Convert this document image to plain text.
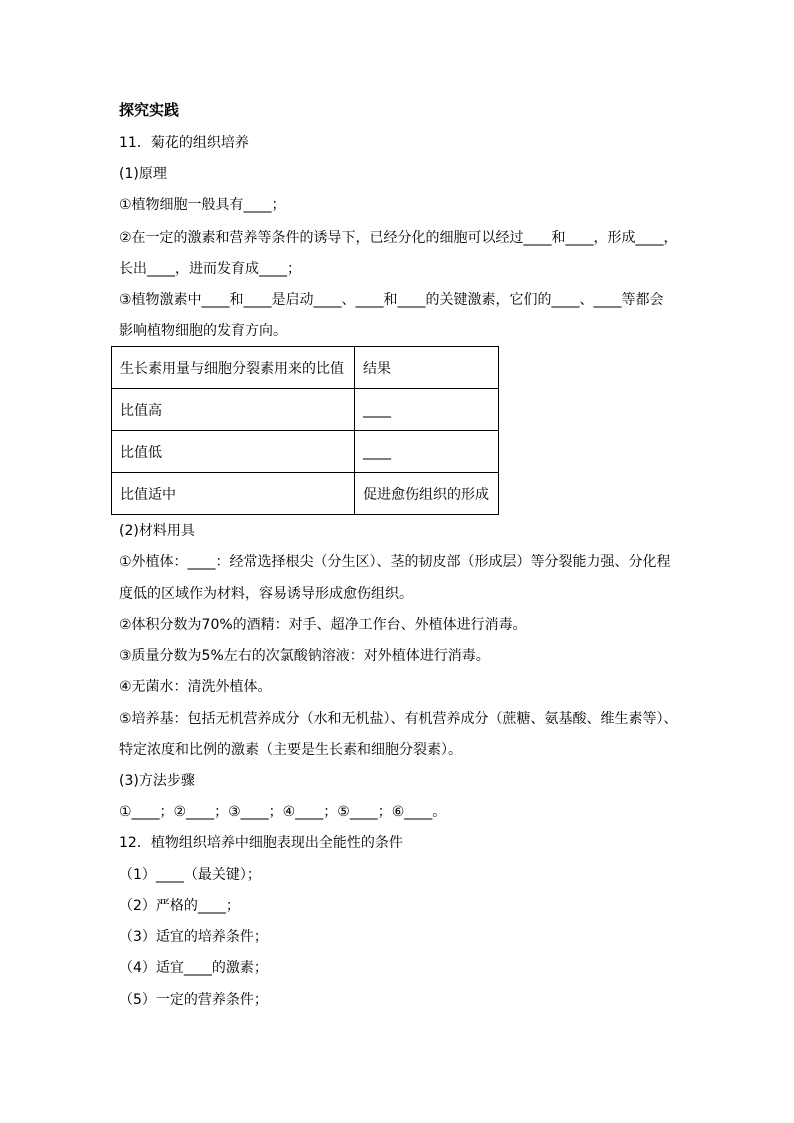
探究实践
11．菊花的组织培养
(1)原理
①植物细胞一般具有____；
②在一定的激素和营养等条件的诱导下，已经分化的细胞可以经过____和____，形成____，
长出____，进而发育成____；
③植物激素中____和____是启动____、____和____的关键激素，它们的____、____等都会
影响植物细胞的发育方向。
生长素用量与细胞分裂素用来的比值	结果
比值高	____
比值低	____
比值适中	促进愈伤组织的形成
(2)材料用具
①外植体：____：经常选择根尖（分生区）、茎的韧皮部（形成层）等分裂能力强、分化程
度低的区域作为材料，容易诱导形成愈伤组织。
②体积分数为70%的酒精：对手、超净工作台、外植体进行消毒。
③质量分数为5%左右的次氯酸钠溶液：对外植体进行消毒。
④无菌水：清洗外植体。
⑤培养基：包括无机营养成分（水和无机盐）、有机营养成分（蔗糖、氨基酸、维生素等）、
特定浓度和比例的激素（主要是生长素和细胞分裂素）。
(3)方法步骤
①____；②____；③____；④____；⑤____；⑥____。
12．植物组织培养中细胞表现出全能性的条件
（1）____（最关键）；
（2）严格的____；
（3）适宜的培养条件；
（4）适宜____的激素；
（5）一定的营养条件；
